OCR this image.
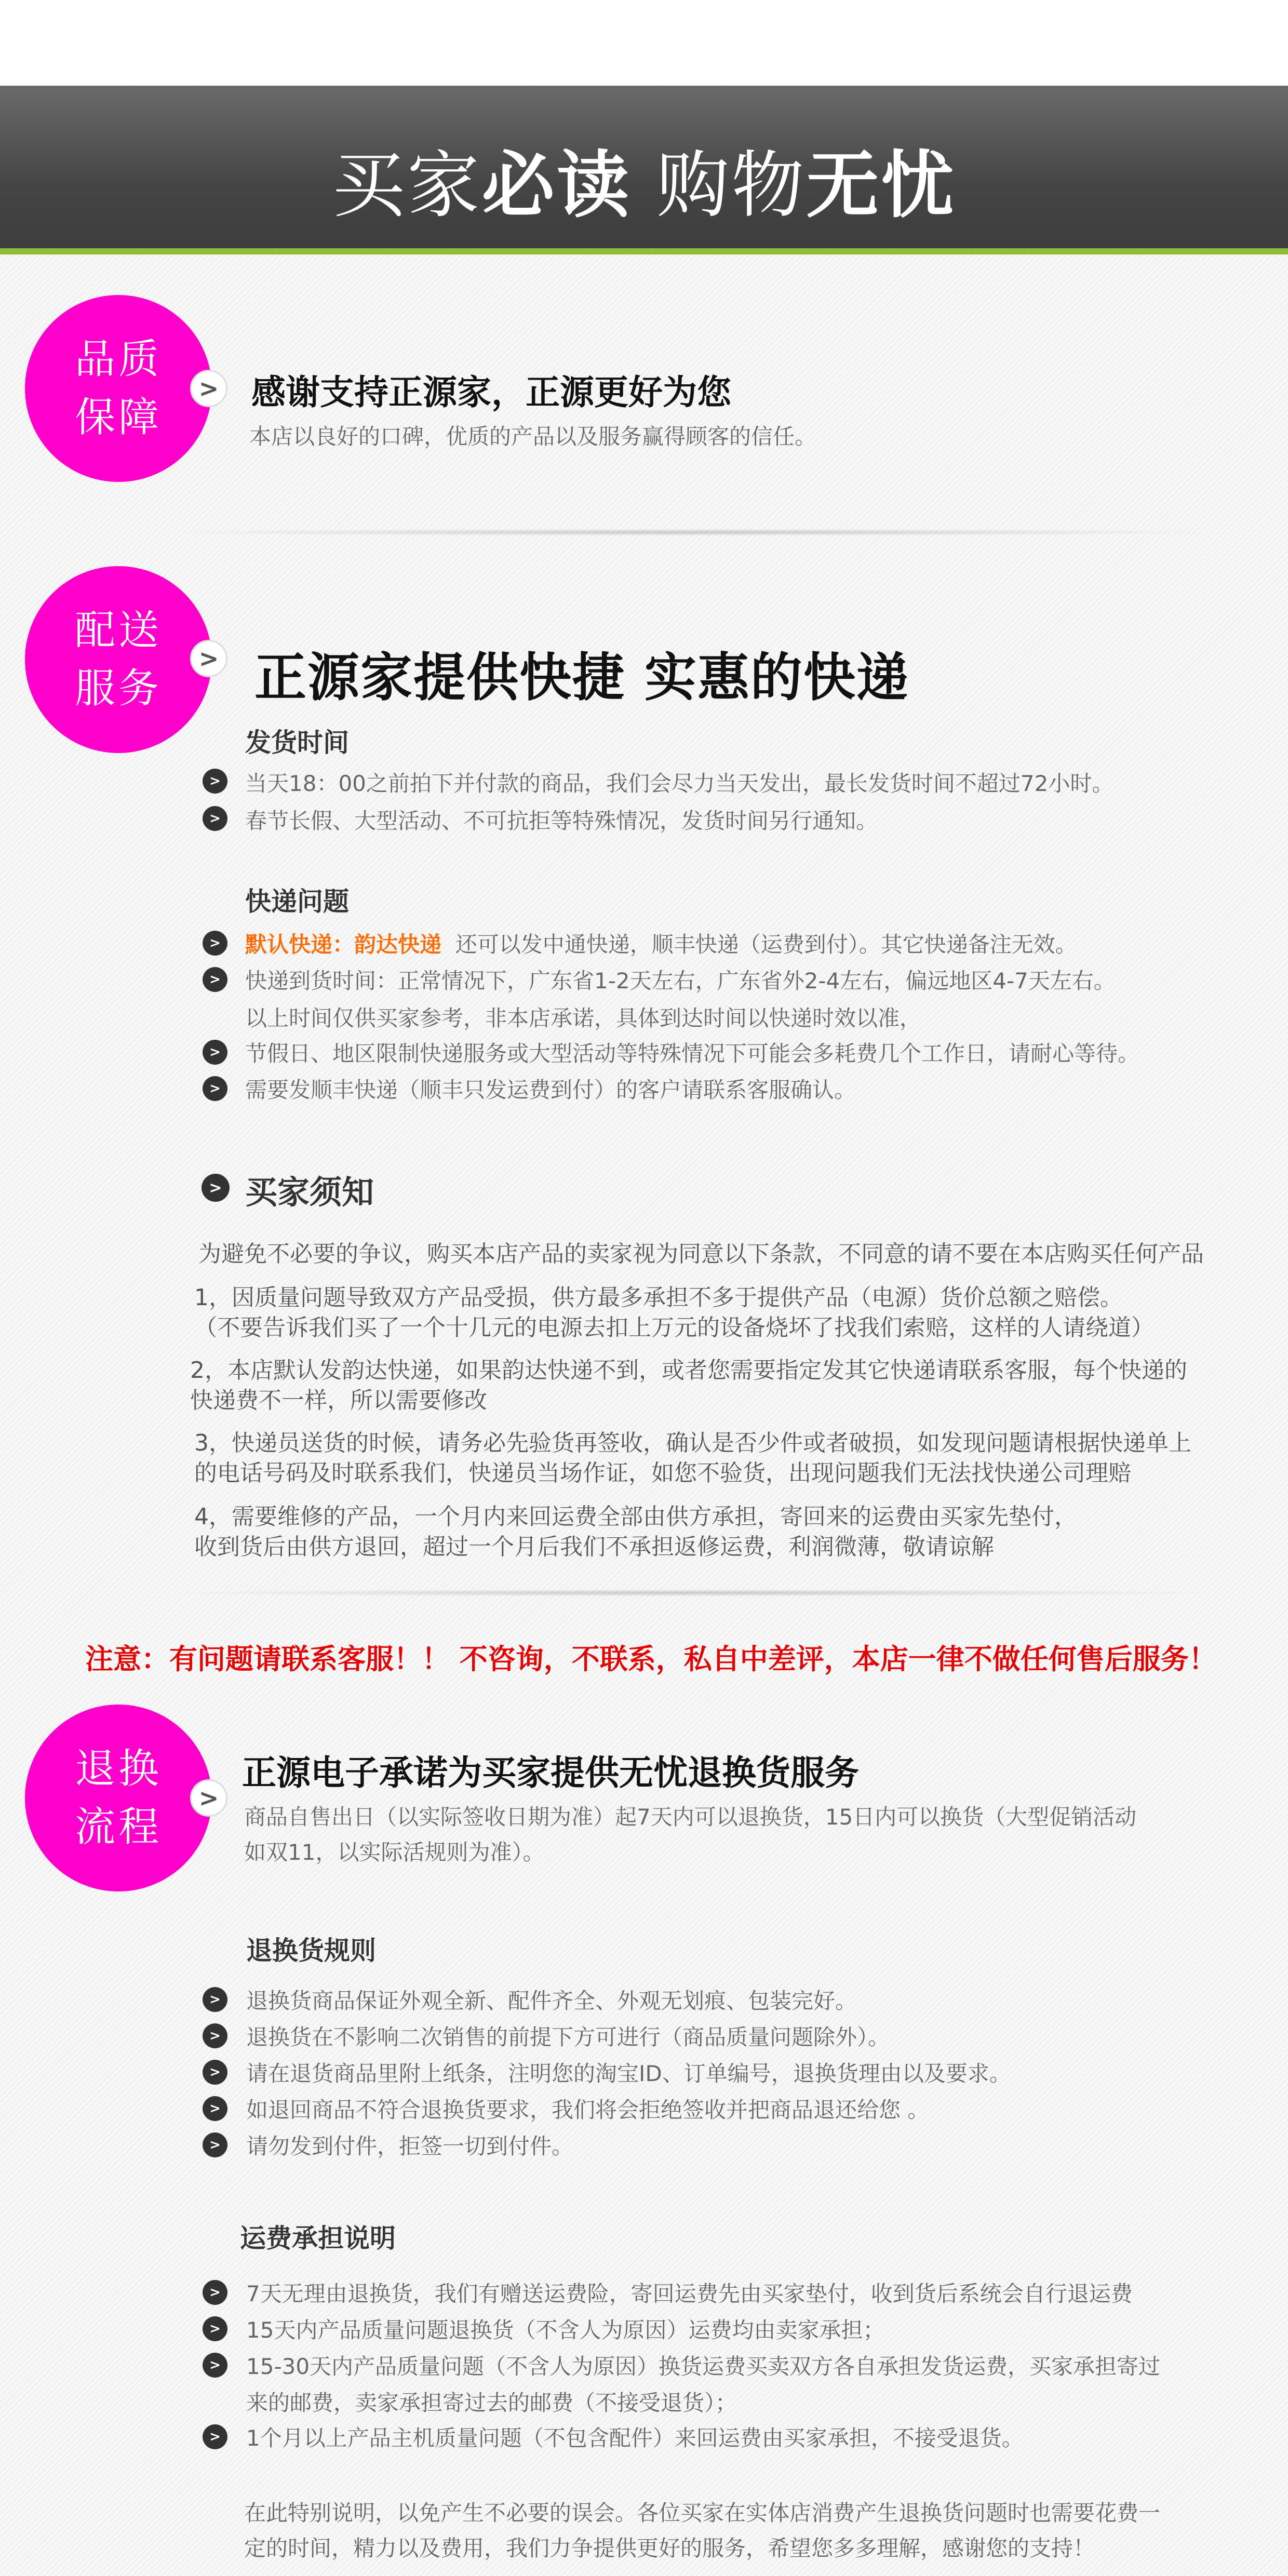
买家必读 购物无忧
品质
保障
> 感谢支持正源家，正源更好为您
本店以良好的口碑，优质的产品以及服务赢得顾客的信任。
配送
服务
> 正源家提供快捷 实惠的快递
发货时间
>	当天18：00之前拍下并付款的商品，我们会尽力当天发出，最长发货时间不超过72小时。
>	春节长假、大型活动、不可抗拒等特殊情况，发货时间另行通知。
快递问题
>	默认快递：韵达快递 还可以发中通快递，顺丰快递（运费到付）。其它快递备注无效。
>	快递到货时间：正常情况下，广东省1-2天左右，广东省外2-4左右，偏远地区4-7天左右。
以上时间仅供买家参考，非本店承诺，具体到达时间以快递时效以准，
>	节假日、地区限制快递服务或大型活动等特殊情况下可能会多耗费几个工作日，请耐心等待。
>	需要发顺丰快递（顺丰只发运费到付）的客户请联系客服确认。
> 买家须知
为避免不必要的争议，购买本店产品的卖家视为同意以下条款，不同意的请不要在本店购买任何产品
1，因质量问题导致双方产品受损，供方最多承担不多于提供产品（电源）货价总额之赔偿。
（不要告诉我们买了一个十几元的电源去扣上万元的设备烧坏了找我们索赔，这样的人请绕道）
2，本店默认发韵达快递，如果韵达快递不到，或者您需要指定发其它快递请联系客服，每个快递的
快递费不一样，所以需要修改
3，快递员送货的时候，请务必先验货再签收，确认是否少件或者破损，如发现问题请根据快递单上
的电话号码及时联系我们，快递员当场作证，如您不验货，出现问题我们无法找快递公司理赔
4，需要维修的产品，一个月内来回运费全部由供方承担，寄回来的运费由买家先垫付，
收到货后由供方退回，超过一个月后我们不承担返修运费，利润微薄，敬请谅解
注意：有问题请联系客服！！ 不咨询，不联系，私自中差评，本店一律不做任何售后服务！
退换
流程
>
正源电子承诺为买家提供无忧退换货服务
商品自售出日（以实际签收日期为准）起7天内可以退换货，15日内可以换货（大型促销活动
如双11，以实际活规则为准）。
退换货规则
>	退换货商品保证外观全新、配件齐全、外观无划痕、包装完好。
>	退换货在不影响二次销售的前提下方可进行（商品质量问题除外）。
>	请在退货商品里附上纸条，注明您的淘宝ID、订单编号，退换货理由以及要求。
>	如退回商品不符合退换货要求，我们将会拒绝签收并把商品退还给您 。
>	请勿发到付件，拒签一切到付件。
运费承担说明
>	7天无理由退换货，我们有赠送运费险，寄回运费先由买家垫付，收到货后系统会自行退运费
>	15天内产品质量问题退换货（不含人为原因）运费均由卖家承担；
>	15-30天内产品质量问题（不含人为原因）换货运费买卖双方各自承担发货运费，买家承担寄过
来的邮费，卖家承担寄过去的邮费（不接受退货）；
>	1个月以上产品主机质量问题（不包含配件）来回运费由买家承担，不接受退货。
在此特别说明，以免产生不必要的误会。各位买家在实体店消费产生退换货问题时也需要花费一
定的时间，精力以及费用，我们力争提供更好的服务，希望您多多理解，感谢您的支持！
